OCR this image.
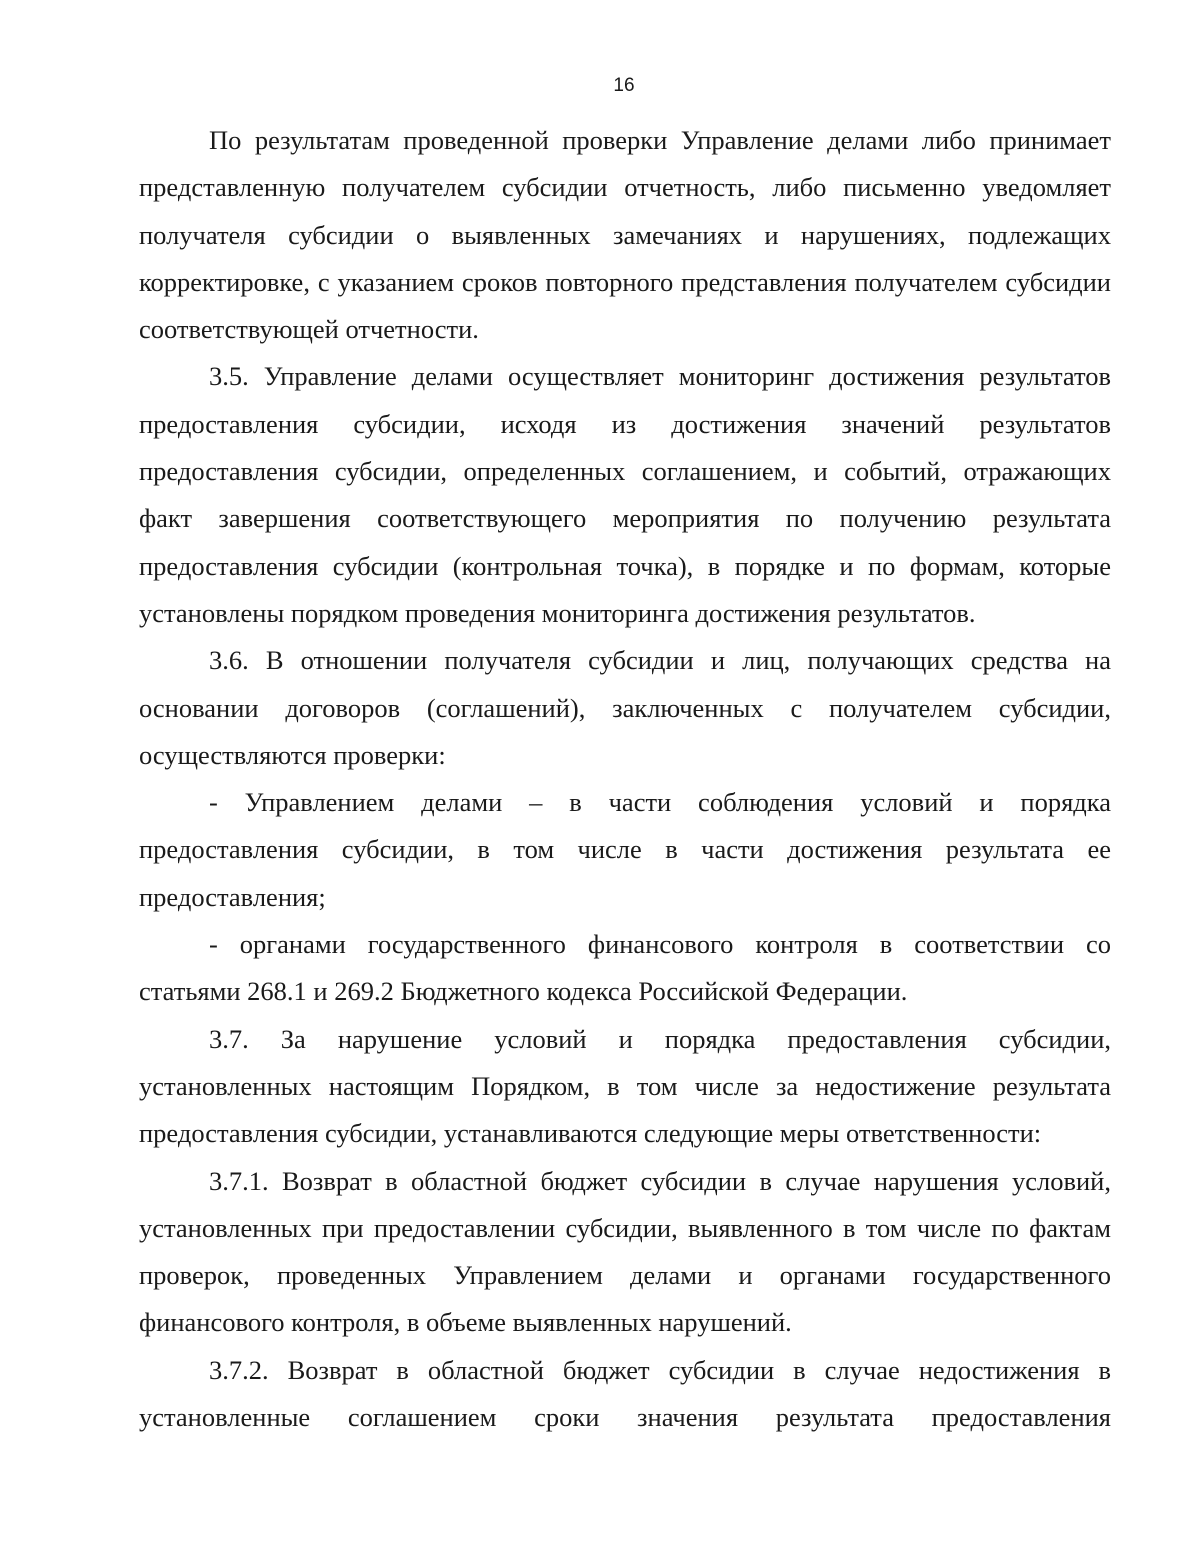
16

По результатам проведенной проверки Управление делами либо принимает представленную получателем субсидии отчетность, либо письменно уведомляет получателя субсидии о выявленных замечаниях и нарушениях, подлежащих корректировке, с указанием сроков повторного представления получателем субсидии соответствующей отчетности.

3.5. Управление делами осуществляет мониторинг достижения результатов предоставления субсидии, исходя из достижения значений результатов предоставления субсидии, определенных соглашением, и событий, отражающих факт завершения соответствующего мероприятия по получению результата предоставления субсидии (контрольная точка), в порядке и по формам, которые установлены порядком проведения мониторинга достижения результатов.

3.6. В отношении получателя субсидии и лиц, получающих средства на основании договоров (соглашений), заключенных с получателем субсидии, осуществляются проверки:

- Управлением делами – в части соблюдения условий и порядка предоставления субсидии, в том числе в части достижения результата ее предоставления;

- органами государственного финансового контроля в соответствии со статьями 268.1 и 269.2 Бюджетного кодекса Российской Федерации.

3.7. За нарушение условий и порядка предоставления субсидии, установленных настоящим Порядком, в том числе за недостижение результата предоставления субсидии, устанавливаются следующие меры ответственности:

3.7.1. Возврат в областной бюджет субсидии в случае нарушения условий, установленных при предоставлении субсидии, выявленного в том числе по фактам проверок, проведенных Управлением делами и органами государственного финансового контроля, в объеме выявленных нарушений.

3.7.2. Возврат в областной бюджет субсидии в случае недостижения в установленные соглашением сроки значения результата предоставления
